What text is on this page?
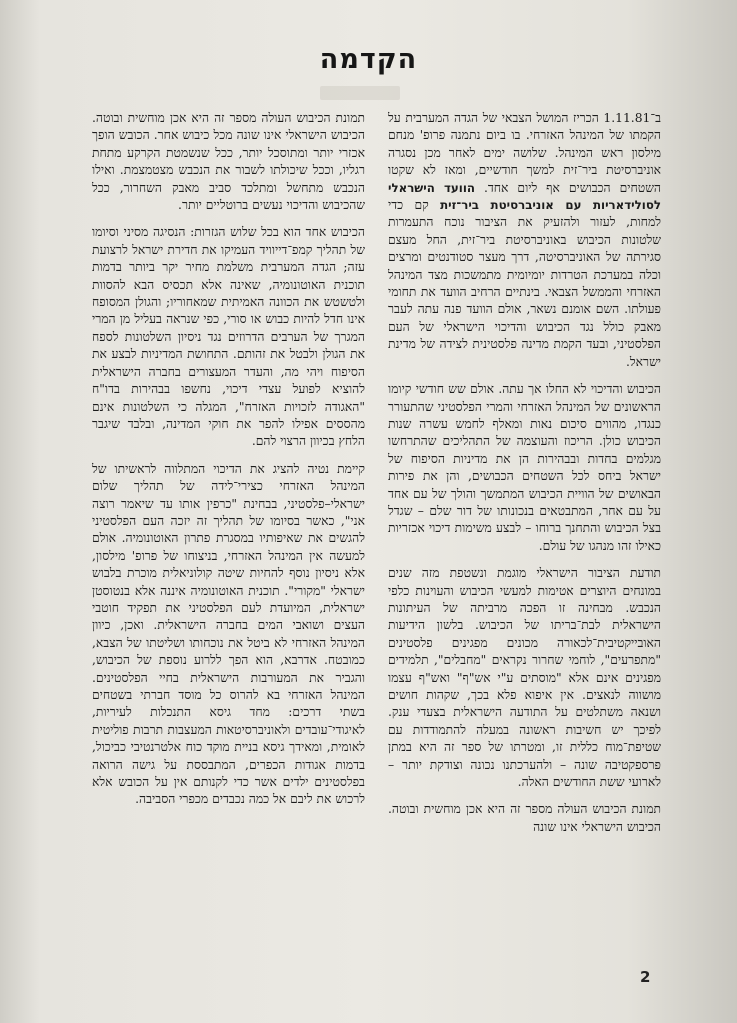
הקדמה

ב־1.11.81 הכריז המושל הצבאי של הגדה המערבית על הקמתו של המינהל האזרחי. בו ביום נתמנה פרופ' מנחם מילסון ראש המינהל. שלושה ימים לאחר מכן נסגרה אוניברסיטת ביר־זית למשך חודשיים, ומאז לא שקטו השטחים הכבושים אף ליום אחד. הוועד הישראלי לסולידאריות עם אוניברסיטת ביר־זית קם כדי למחות, לעזור ולהזעיק את הציבור נוכח התעמרות שלטונות הכיבוש באוניברסיטת ביר־זית, החל מעצם סגירתה של האוניברסיטה, דרך מעצר סטודנטים ומרצים וכלה במערכת הטרדות יומיומית מתמשכות מצד המינהל האזרחי והממשל הצבאי. בינתיים הרחיב הוועד את תחומי פעולתו. השם אומנם נשאר, אולם הוועד פנה עתה לעבר מאבק כולל נגד הכיבוש והדיכוי הישראלי של העם הפלסטיני, ובעד הקמת מדינה פלסטינית לצידה של מדינת ישראל.

הכיבוש והדיכוי לא החלו אך עתה. אולם שש חודשי קיומו הראשונים של המינהל האזרחי והמרי הפלסטיני שהתעורר כנגדו, מהווים סיכום נאות ומאלף לחמש עשרה שנות הכיבוש כולן. הריכוז והעוצמה של התהליכים שהתרחשו מגלמים בחדות ובבהירות הן את מדיניות הסיפוח של ישראל ביחס לכל השטחים הכבושים, והן את פירות הבאושים של הוויית הכיבוש המתמשך והולך של עם אחד על עם אחר, המתבטאים בנכונותו של דור שלם – שגדל בצל הכיבוש והתחנך ברוחו – לבצע משימות דיכוי אכזריות כאילו זהו מנהגו של עולם.

תודעת הציבור הישראלי מוגמת ונשטפת מזה שנים במונחים היוצרים אטימות למעשי הכיבוש והעוינות כלפי הנכבש. מבחינה זו הפכה מרביתה של העיתונות הישראלית לבת־בריתו של הכיבוש. בלשון הידיעות האובייקטיבית־לכאורה מכונים מפגינים פלסטינים "מתפרעים", לוחמי שחרור נקראים "מחבלים", תלמידים מפגינים אינם אלא "מוסתים ע"י אש"ף" ואש"ף עצמו מושווה לנאצים. אין איפוא פלא בכך, שקהות חושים ושנאה משתלטים על התודעה הישראלית בצעדי ענק. לפיכך יש חשיבות ראשונה במעלה להתמודדות עם שטיפת־מוח כללית זו, ומטרתו של ספר זה היא במתן פרספקטיבה שונה – ולהערכתנו נכונה וצודקת יותר – לארועי ששת החודשים האלה.

תמונת הכיבוש העולה מספר זה היא אכן מוחשית ובוטה. הכיבוש הישראלי אינו שונה

תמונת הכיבוש העולה מספר זה היא אכן מוחשית ובוטה. הכיבוש הישראלי אינו שונה מכל כיבוש אחר. הכובש הופך אכזרי יותר ומתוסכל יותר, ככל שנשמטת הקרקע מתחת רגליו, וככל שיכולתו לשבור את הנכבש מצטמצמת. ואילו הנכבש מתחשל ומתלכד סביב מאבק השחרור, ככל שהכיבוש והדיכוי נעשים ברוטליים יותר.

הכיבוש אחד הוא בכל שלוש הגזרות: הנסיגה מסיני וסיומו של תהליך קמפ־דייוויד העמיקו את חדירת ישראל לרצועת עזה; הגדה המערבית משלמת מחיר יקר ביותר בדמות תוכנית האוטונומיה, שאינה אלא תכסיס הבא להסוות ולטשטש את הכוונה האמיתית שמאחוריו; והגולן המסופח אינו חדל להיות כבוש או סורי, כפי שנראה בעליל מן המרי המגרך של הערבים הדרוזים נגד ניסיון השלטונות לספח את הגולן ולבטל את זהותם. התחושת המדיניות לבצע את הסיפוח ויהי מה, והעדר המעצורים בחברה הישראלית להוציא לפועל עצדי דיכוי, נחשפו בבהירות בדו"ח "האגודה לזכויות האזרח", המגלה כי השלטונות אינם מהססים אפילו להפר את חוקי המדינה, ובלבד שיגבר הלחץ בכיוון הרצוי להם.

קיימת נטיה להציג את הדיכוי המתלווה לראשיתו של המינהל האזרחי כצירי־לידה של תהליך שלום ישראלי–פלסטיני, בבחינת "כרפין אותו עד שיאמר רוצה אני", כאשר בסיומו של תהליך זה יזכה העם הפלסטיני להגשים את שאיפותיו במסגרת פתרון האוטונומיה. אולם למעשה אין המינהל האזרחי, בניצוחו של פרופ' מילסון, אלא ניסיון נוסף להחיות שיטה קולוניאלית מוכרת בלבוש ישראלי "מקורי". תוכנית האוטונומיה איננה אלא בנטוסטן ישראלית, המיועדת לעם הפלסטיני את תפקיד חוטבי העצים ושואבי המים בחברה הישראלית. ואכן, כיוון המינהל האזרחי לא ביטל את נוכחותו ושליטתו של הצבא, כמובטח. אדרבא, הוא הפך ללרוע נוספת של הכיבוש, והגביר את המעורבות הישראלית בחיי הפלסטינים. המינהל האזרחי בא להרוס כל מוסד חברתי בשטחים בשתי דרכים: מחד גיסא התנכלות לעיריות, לאיגודי־עובדים ולאוניברסיטאות המעצבות תרבות פוליטית לאומית, ומאידך גיסא בניית מוקד כוח אלטרנטיבי כביכול, בדמות אגודות הכפרים, המתבססת על גישה הרואה בפלסטינים ילדים אשר כדי לקנותם אין על הכובש אלא לרכוש את ליבם אל כמה נכבדים מכפרי הסביבה.

2
